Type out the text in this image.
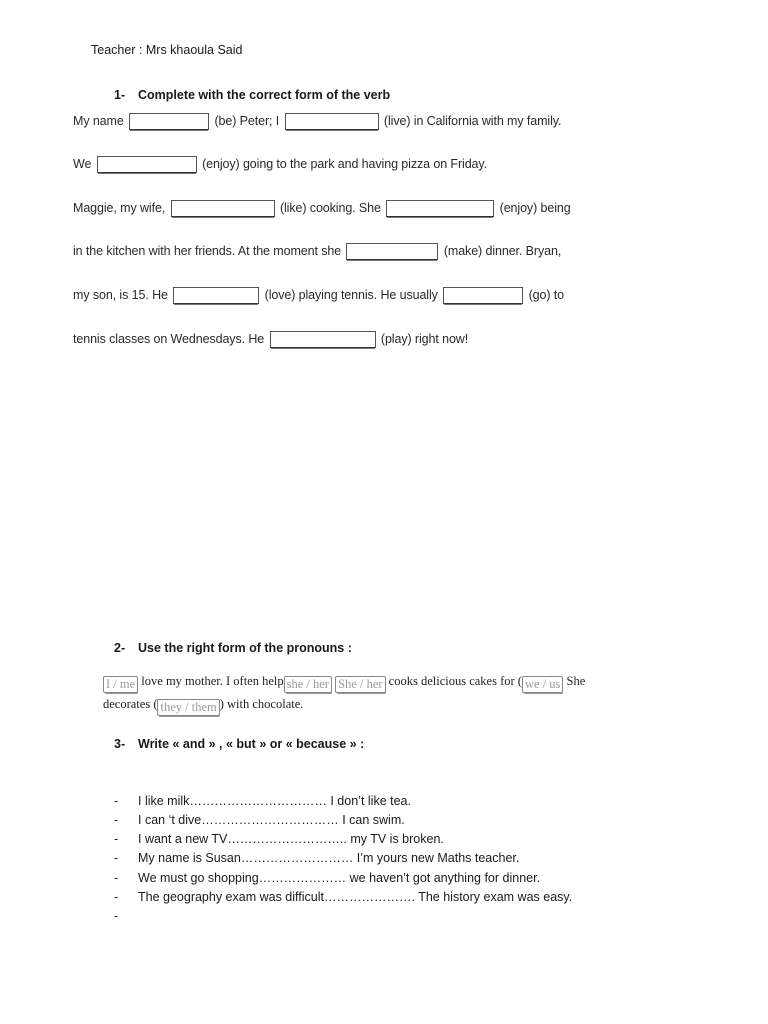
Teacher : Mrs khaoula Said
1- Complete with the correct form of the verb
My name	(be) Peter; I	(live) in California with my family.
We	(enjoy) going to the park and having pizza on Friday.
Maggie, my wife,	(like) cooking. She	(enjoy) being
in the kitchen with her friends. At the moment she	(make) dinner. Bryan,
my son, is 15. He	(love) playing tennis. He usually	(go) to
tennis classes on Wednesdays. He	(play) right now!
2- Use the right form of the pronouns :
I / me love my mother. I often help she / her She / her cooks delicious cakes for ( we / us She
decorates ( they / them ) with chocolate.
3- Write « and » , « but » or « because » :
- I like milk…………………………… I don’t like tea.
- I can ‘t dive…………………………… I can swim.
- I want a new TV……………………….. my TV is broken.
- My name is Susan……………………… I’m yours new Maths teacher.
- We must go shopping………………… we haven’t got anything for dinner.
- The geography exam was difficult…………………. The history exam was easy.
-
